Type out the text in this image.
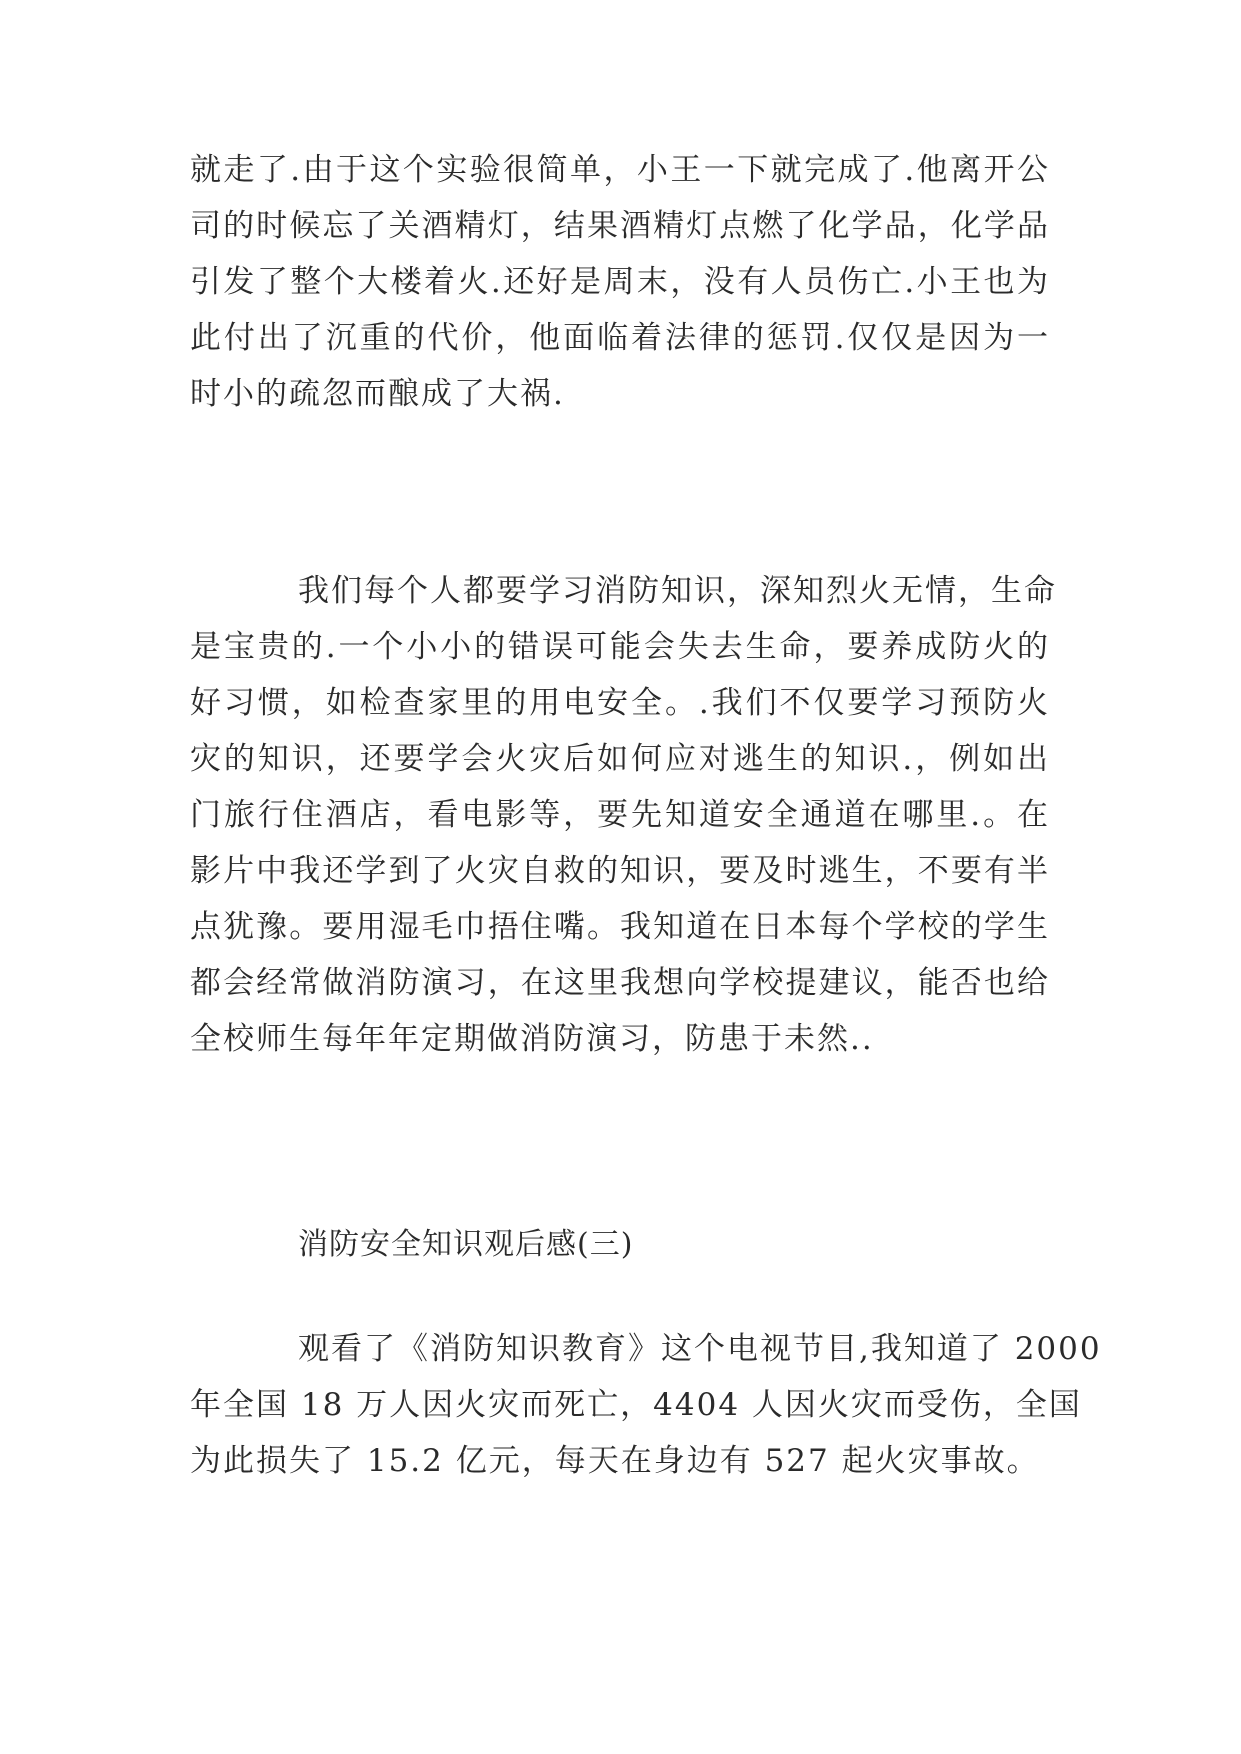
就走了.由于这个实验很简单，小王一下就完成了.他离开公
司的时候忘了关酒精灯，结果酒精灯点燃了化学品，化学品
引发了整个大楼着火.还好是周末，没有人员伤亡.小王也为
此付出了沉重的代价，他面临着法律的惩罚.仅仅是因为一
时小的疏忽而酿成了大祸.
我们每个人都要学习消防知识，深知烈火无情，生命
是宝贵的.一个小小的错误可能会失去生命，要养成防火的
好习惯，如检查家里的用电安全。.我们不仅要学习预防火
灾的知识，还要学会火灾后如何应对逃生的知识.，例如出
门旅行住酒店，看电影等，要先知道安全通道在哪里.。在
影片中我还学到了火灾自救的知识，要及时逃生，不要有半
点犹豫。要用湿毛巾捂住嘴。我知道在日本每个学校的学生
都会经常做消防演习，在这里我想向学校提建议，能否也给
全校师生每年年定期做消防演习，防患于未然..
消防安全知识观后感(三)
观看了《消防知识教育》这个电视节目,我知道了 2000
年全国 18 万人因火灾而死亡，4404 人因火灾而受伤，全国
为此损失了 15.2 亿元，每天在身边有 527 起火灾事故。
